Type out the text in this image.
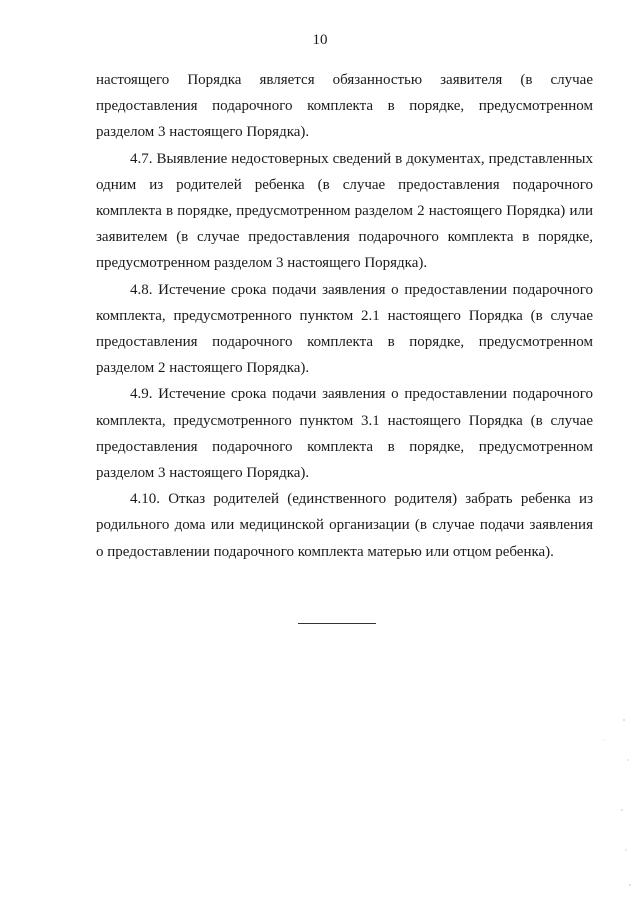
10

настоящего Порядка является обязанностью заявителя (в случае
предоставления подарочного комплекта в порядке, предусмотренном
разделом 3 настоящего Порядка).

4.7. Выявление недостоверных сведений в документах, представленных
одним из родителей ребенка (в случае предоставления подарочного
комплекта в порядке, предусмотренном разделом 2 настоящего Порядка) или
заявителем (в случае предоставления подарочного комплекта в порядке,
предусмотренном разделом 3 настоящего Порядка).

4.8. Истечение срока подачи заявления о предоставлении подарочного
комплекта, предусмотренного пунктом 2.1 настоящего Порядка (в случае
предоставления подарочного комплекта в порядке, предусмотренном
разделом 2 настоящего Порядка).

4.9. Истечение срока подачи заявления о предоставлении подарочного
комплекта, предусмотренного пунктом 3.1 настоящего Порядка (в случае
предоставления подарочного комплекта в порядке, предусмотренном
разделом 3 настоящего Порядка).

4.10. Отказ родителей (единственного родителя) забрать ребенка из
родильного дома или медицинской организации (в случае подачи заявления
о предоставлении подарочного комплекта матерью или отцом ребенка).
